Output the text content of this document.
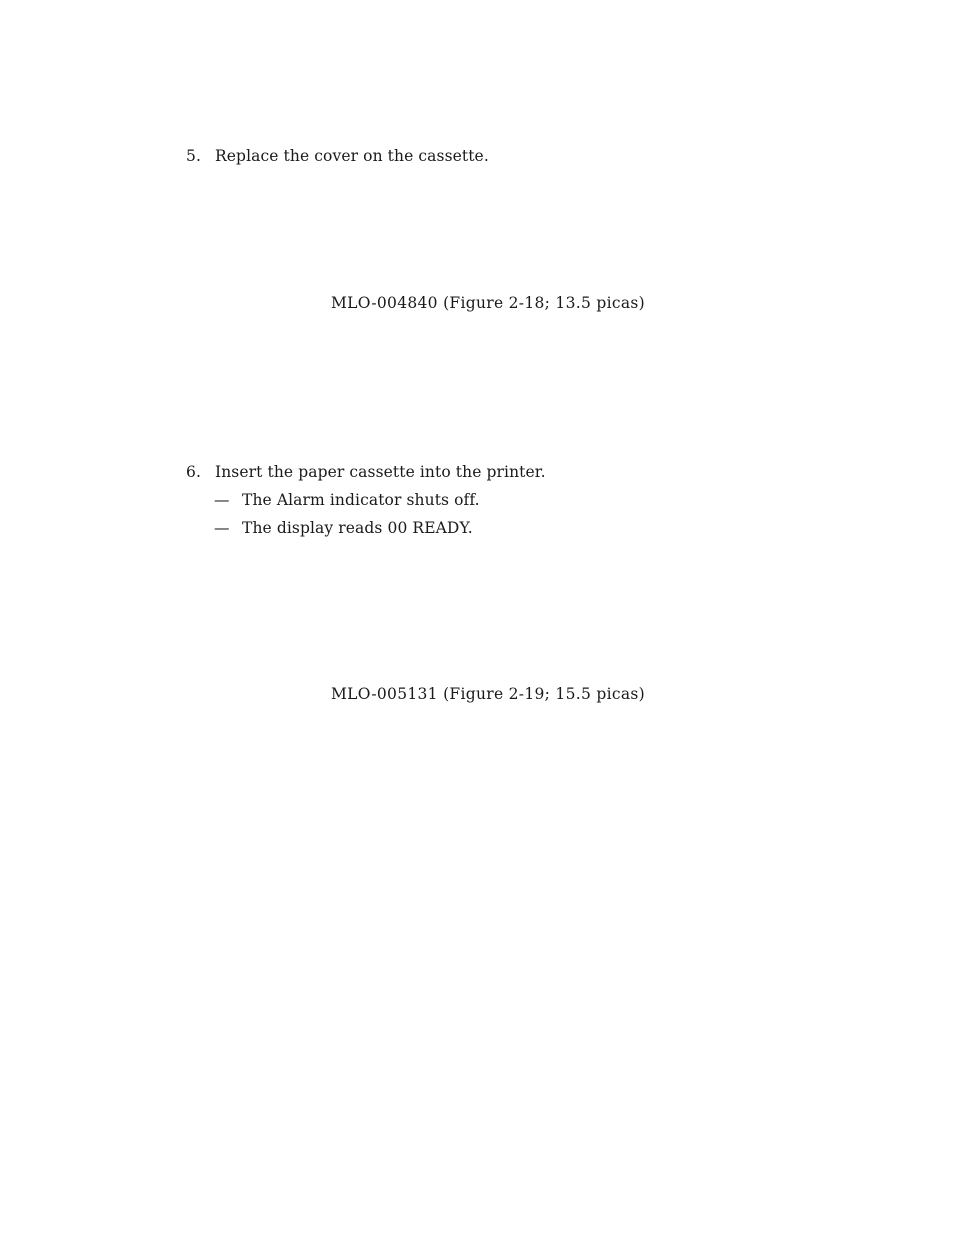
5. Replace the cover on the cassette.
MLO-004840 (Figure 2-18; 13.5 picas)
6. Insert the paper cassette into the printer.
— The Alarm indicator shuts off.
— The display reads 00 READY.
MLO-005131 (Figure 2-19; 15.5 picas)
